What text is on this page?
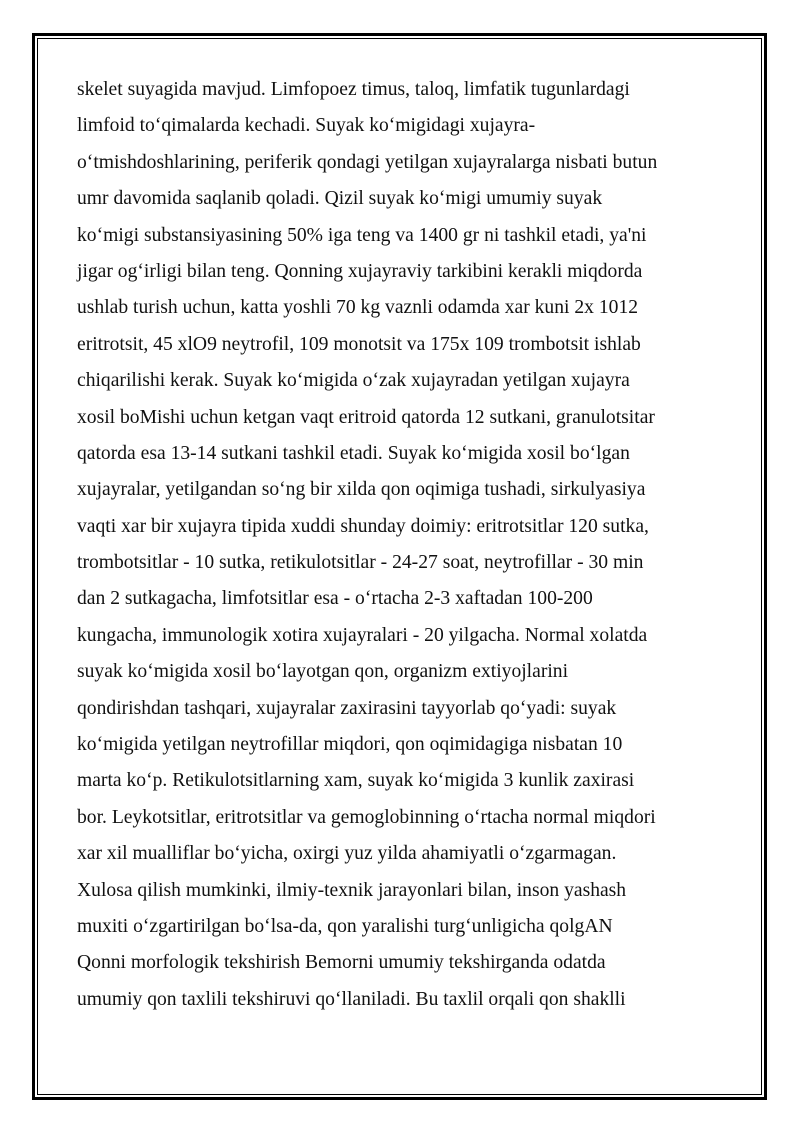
skelet suyagida mavjud. Limfopoez timus, taloq, limfatik tugunlardagi
limfoid to‘qimalarda kechadi. Suyak ko‘migidagi xujayra-
o‘tmishdoshlarining, periferik qondagi yetilgan xujayralarga nisbati butun
umr davomida saqlanib qoladi. Qizil suyak ko‘migi umumiy suyak
ko‘migi substansiyasining 50% iga teng va 1400 gr ni tashkil etadi, ya'ni
jigar og‘irligi bilan teng. Qonning xujayraviy tarkibini kerakli miqdorda
ushlab turish uchun, katta yoshli 70 kg vaznli odamda xar kuni 2x 1012
eritrotsit, 45 xlO9 neytrofil, 109 monotsit va 175x 109 trombotsit ishlab
chiqarilishi kerak. Suyak ko‘migida o‘zak xujayradan yetilgan xujayra
xosil boMishi uchun ketgan vaqt eritroid qatorda 12 sutkani, granulotsitar
qatorda esa 13-14 sutkani tashkil etadi. Suyak ko‘migida xosil bo‘lgan
xujayralar, yetilgandan so‘ng bir xilda qon oqimiga tushadi, sirkulyasiya
vaqti xar bir xujayra tipida xuddi shunday doimiy: eritrotsitlar 120 sutka,
trombotsitlar - 10 sutka, retikulotsitlar - 24-27 soat, neytrofillar - 30 min
dan 2 sutkagacha, limfotsitlar esa - o‘rtacha 2-3 xaftadan 100-200
kungacha, immunologik xotira xujayralari - 20 yilgacha. Normal xolatda
suyak ko‘migida xosil bo‘layotgan qon, organizm extiyojlarini
qondirishdan tashqari, xujayralar zaxirasini tayyorlab qo‘yadi: suyak
ko‘migida yetilgan neytrofillar miqdori, qon oqimidagiga nisbatan 10
marta ko‘p. Retikulotsitlarning xam, suyak ko‘migida 3 kunlik zaxirasi
bor. Leykotsitlar, eritrotsitlar va gemoglobinning o‘rtacha normal miqdori
xar xil mualliflar bo‘yicha, oxirgi yuz yilda ahamiyatli o‘zgarmagan.
Xulosa qilish mumkinki, ilmiy-texnik jarayonlari bilan, inson yashash
muxiti o‘zgartirilgan bo‘lsa-da, qon yaralishi turg‘unligicha qolgAN
Qonni morfologik tekshirish Bemorni umumiy tekshirganda odatda
umumiy qon taxlili tekshiruvi qo‘llaniladi. Bu taxlil orqali qon shaklli
